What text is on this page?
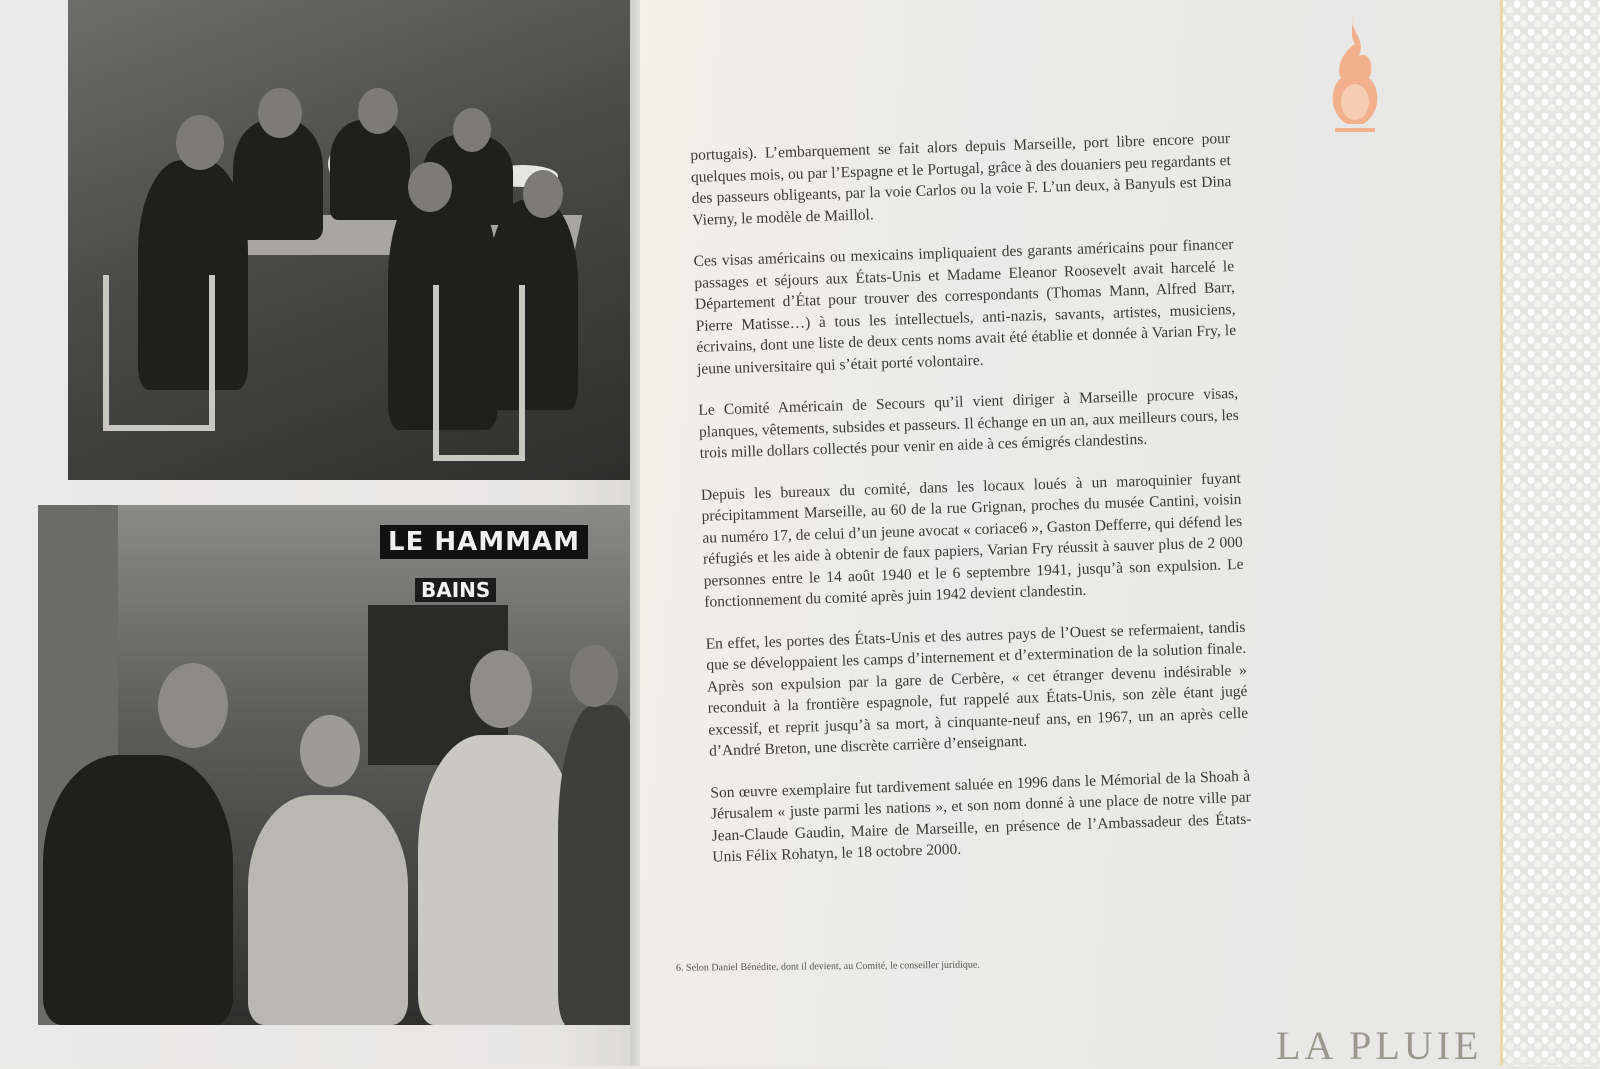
LE HAMMAM
BAINS

portugais). L’embarquement se fait alors depuis Marseille, port libre encore pour quelques mois, ou par l’Espagne et le Portugal, grâce à des douaniers peu regardants et des passeurs obligeants, par la voie Carlos ou la voie F. L’un deux, à Banyuls est Dina Vierny, le modèle de Maillol.

Ces visas américains ou mexicains impliquaient des garants américains pour financer passages et séjours aux États-Unis et Madame Eleanor Roosevelt avait harcelé le Département d’État pour trouver des correspondants (Thomas Mann, Alfred Barr, Pierre Matisse…) à tous les intellectuels, anti-nazis, savants, artistes, musiciens, écrivains, dont une liste de deux cents noms avait été établie et donnée à Varian Fry, le jeune universitaire qui s’était porté volontaire.

Le Comité Américain de Secours qu’il vient diriger à Marseille procure visas, planques, vêtements, subsides et passeurs. Il échange en un an, aux meilleurs cours, les trois mille dollars collectés pour venir en aide à ces émigrés clandestins.

Depuis les bureaux du comité, dans les locaux loués à un maroquinier fuyant précipitamment Marseille, au 60 de la rue Grignan, proches du musée Cantini, voisin au numéro 17, de celui d’un jeune avocat « coriace6 », Gaston Defferre, qui défend les réfugiés et les aide à obtenir de faux papiers, Varian Fry réussit à sauver plus de 2 000 personnes entre le 14 août 1940 et le 6 septembre 1941, jusqu’à son expulsion. Le fonctionnement du comité après juin 1942 devient clandestin.

En effet, les portes des États-Unis et des autres pays de l’Ouest se refermaient, tandis que se développaient les camps d’internement et d’extermination de la solution finale. Après son expulsion par la gare de Cerbère, « cet étranger devenu indésirable » reconduit à la frontière espagnole, fut rappelé aux États-Unis, son zèle étant jugé excessif, et reprit jusqu’à sa mort, à cinquante-neuf ans, en 1967, un an après celle d’André Breton, une discrète carrière d’enseignant.

Son œuvre exemplaire fut tardivement saluée en 1996 dans le Mémorial de la Shoah à Jérusalem « juste parmi les nations », et son nom donné à une place de notre ville par Jean-Claude Gaudin, Maire de Marseille, en présence de l’Ambassadeur des États-Unis Félix Rohatyn, le 18 octobre 2000.

6. Selon Daniel Bénédite, dont il devient, au Comité, le conseiller juridique.
LA PLUIE
